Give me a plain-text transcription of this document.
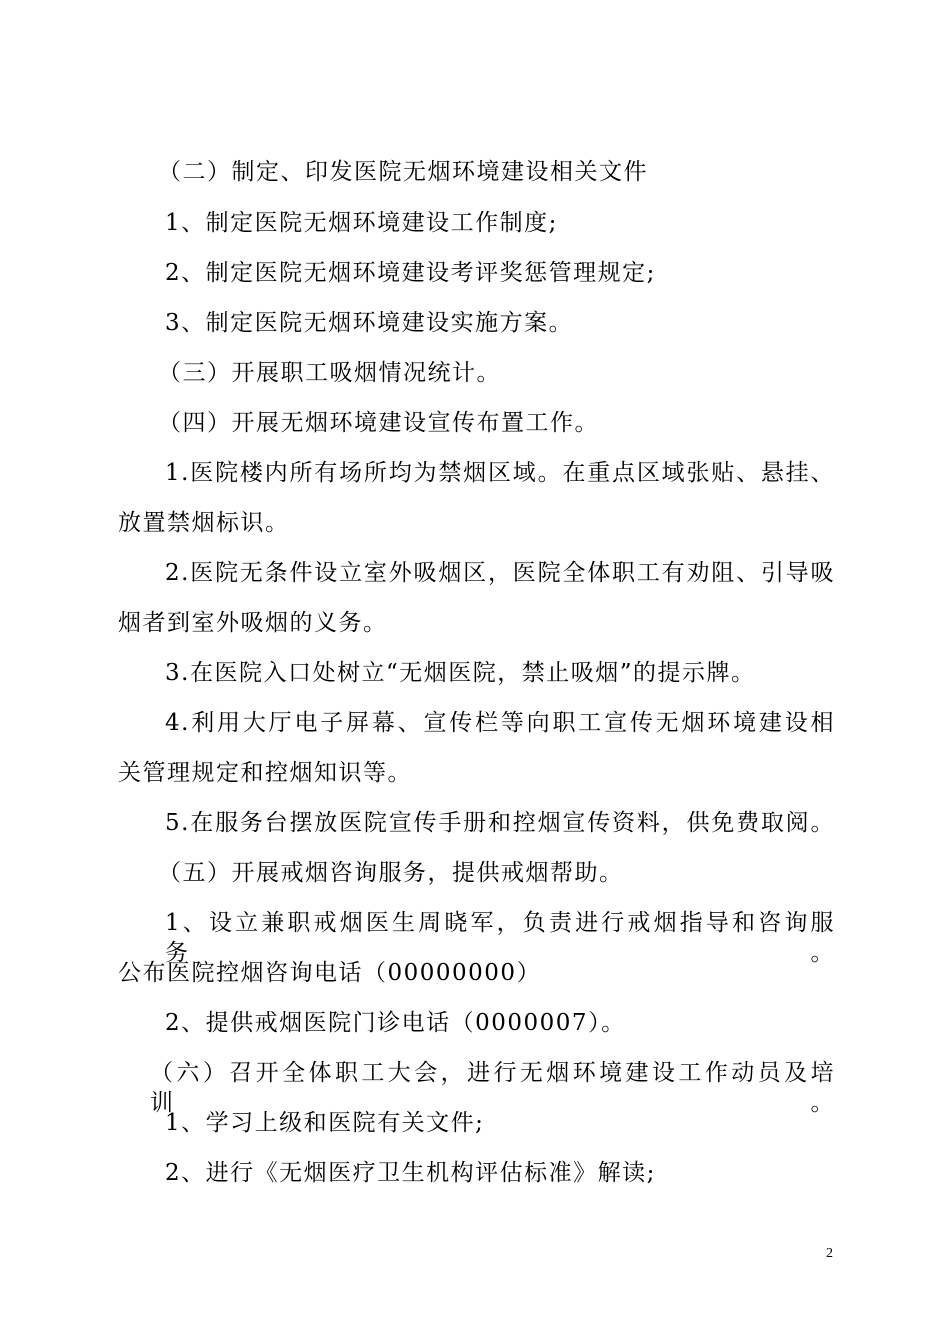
（二）制定、印发医院无烟环境建设相关文件
1、制定医院无烟环境建设工作制度;
2、制定医院无烟环境建设考评奖惩管理规定;
3、制定医院无烟环境建设实施方案。
（三）开展职工吸烟情况统计。
（四）开展无烟环境建设宣传布置工作。
1.医院楼内所有场所均为禁烟区域。在重点区域张贴、悬挂、
放置禁烟标识。
2.医院无条件设立室外吸烟区，医院全体职工有劝阻、引导吸
烟者到室外吸烟的义务。
3.在医院入口处树立“无烟医院，禁止吸烟”的提示牌。
4.利用大厅电子屏幕、宣传栏等向职工宣传无烟环境建设相
关管理规定和控烟知识等。
5.在服务台摆放医院宣传手册和控烟宣传资料，供免费取阅。
（五）开展戒烟咨询服务，提供戒烟帮助。
1、设立兼职戒烟医生周晓军，负责进行戒烟指导和咨询服务。
公布医院控烟咨询电话（00000000）
2、提供戒烟医院门诊电话（0000007）。
（六）召开全体职工大会，进行无烟环境建设工作动员及培训。
1、学习上级和医院有关文件;
2、进行《无烟医疗卫生机构评估标准》解读;
2
